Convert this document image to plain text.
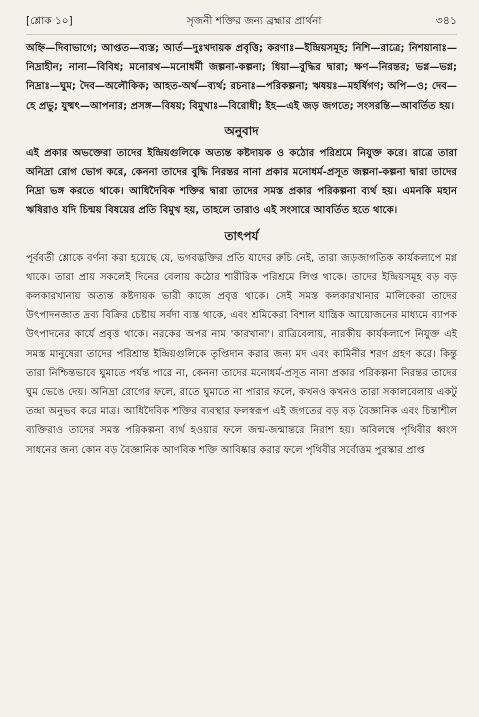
[শ্লোক ১০]	সৃজনী শক্তির জন্য ব্রহ্মার প্রার্থনা	৩৪১
অহ্নি—দিবাভাগে; আপ্তত—ব্যস্ত; আর্ত—দুঃখদায়ক প্রবৃত্তি; করণাঃ—ইন্দ্রিয়সমূহ; নিশি—রাত্রে; নিশয়ানাঃ—নিদ্রাহীন; নানা—বিবিধ; মনোরথ—মনোধর্মী জল্পনা-কল্পনা; ধিয়া—বুদ্ধির দ্বারা; ক্ষণ—নিরন্তর; ভগ্ন—ভগ্ন; নিদ্রাঃ—ঘুম; দৈব—অলৌকিক; আহত-অর্থ—ব্যর্থ; রচনাঃ—পরিকল্পনা; ঋষয়ঃ—মহর্ষিগণ; অপি—ও; দেব—হে প্রভু; যুষ্মৎ—আপনার; প্রসঙ্গ—বিষয়; বিমুখাঃ—বিরোধী; ইহ—এই জড় জগতে; সংসরন্তি—আবর্তিত হয়।
অনুবাদ
এই প্রকার অভক্তেরা তাদের ইন্দ্রিয়গুলিকে অত্যন্ত কষ্টদায়ক ও কঠোর পরিশ্রমে নিযুক্ত করে। রাত্রে তারা অনিদ্রা রোগ ভোগ করে, কেননা তাদের বুদ্ধি নিরন্তর নানা প্রকার মনোধর্ম-প্রসূত জল্পনা-কল্পনা দ্বারা তাদের নিদ্রা ভঙ্গ করতে থাকে। আধিদৈবিক শক্তির দ্বারা তাদের সমস্ত প্রকার পরিকল্পনা ব্যর্থ হয়। এমনকি মহান ঋষিরাও যদি চিন্ময় বিষয়ের প্রতি বিমুখ হয়, তাহলে তারাও এই সংসারে আবর্তিত হতে থাকে।
তাৎপর্য
পূর্ববর্তী শ্লোকে বর্ণনা করা হয়েছে যে, ভগবদ্ভক্তির প্রতি যাদের রুচি নেই, তারা জড়জাগতিক কার্যকলাপে মগ্ন থাকে। তারা প্রায় সকলেই দিনের বেলায় কঠোর শারীরিক পরিশ্রমে লিপ্ত থাকে। তাদের ইন্দ্রিয়সমূহ বড় বড় কলকারখানায় অত্যন্ত কষ্টদায়ক ভারী কাজে প্রবৃত্ত থাকে। সেই সমস্ত কলকারখানার মালিকেরা তাদের উৎপাদনজাত দ্রব্য বিক্রির চেষ্টায় সর্বদা ব্যস্ত থাকে, এবং শ্রমিকেরা বিশাল যান্ত্রিক আয়োজনের মাধ্যমে ব্যাপক উৎপাদনের কার্যে প্রবৃত্ত থাকে। নরকের অপর নাম 'কারখানা'। রাত্রিবেলায়, নারকীয় কার্যকলাপে নিযুক্ত এই সমস্ত মানুষেরা তাদের পরিশ্রান্ত ইন্দ্রিয়গুলিকে তৃপ্তিদান করার জন্য মদ এবং কামিনীর শরণ গ্রহণ করে। কিন্তু তারা নিশ্চিন্তভাবে ঘুমাতে পর্যন্ত পারে না, কেননা তাদের মনোধর্ম-প্রসূত নানা প্রকার পরিকল্পনা নিরন্তর তাদের ঘুম ভেঙে দেয়। অনিদ্রা রোগের ফলে, রাতে ঘুমাতে না পারার ফলে, কখনও কখনও তারা সকালবেলায় একটু তন্দ্রা অনুভব করে মাত্র। আধিদৈবিক শক্তির ব্যবস্থার ফলস্বরূপ এই জগতের বড় বড় বৈজ্ঞানিক এবং চিন্তাশীল ব্যক্তিরাও তাদের সমস্ত পরিকল্পনা ব্যর্থ হওয়ার ফলে জন্ম-জন্মান্তরে নিরাশ হয়। অবিলম্বে পৃথিবীর ধ্বংস সাধনের জন্য কোন বড় বৈজ্ঞানিক আণবিক শক্তি আবিষ্কার করার ফলে পৃথিবীর সর্বোত্তম পুরস্কার প্রাপ্ত
